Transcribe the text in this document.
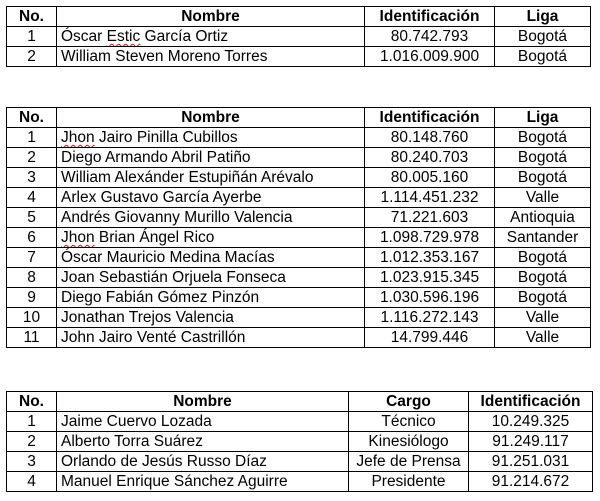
No.	Nombre	Identificación	Liga
1	Óscar Estic García Ortiz	80.742.793	Bogotá
2	William Steven Moreno Torres	1.016.009.900	Bogotá
No.	Nombre	Identificación	Liga
1	Jhon Jairo Pinilla Cubillos	80.148.760	Bogotá
2	Diego Armando Abril Patiño	80.240.703	Bogotá
3	William Alexánder Estupiñán Arévalo	80.005.160	Bogotá
4	Arlex Gustavo García Ayerbe	1.114.451.232	Valle
5	Andrés Giovanny Murillo Valencia	71.221.603	Antioquia
6	Jhon Brian Ángel Rico	1.098.729.978	Santander
7	Óscar Mauricio Medina Macías	1.012.353.167	Bogotá
8	Joan Sebastián Orjuela Fonseca	1.023.915.345	Bogotá
9	Diego Fabián Gómez Pinzón	1.030.596.196	Bogotá
10	Jonathan Trejos Valencia	1.116.272.143	Valle
11	John Jairo Venté Castrillón	14.799.446	Valle
No.	Nombre	Cargo	Identificación
1	Jaime Cuervo Lozada	Técnico	10.249.325
2	Alberto Torra Suárez	Kinesiólogo	91.249.117
3	Orlando de Jesús Russo Díaz	Jefe de Prensa	91.251.031
4	Manuel Enrique Sánchez Aguirre	Presidente	91.214.672
